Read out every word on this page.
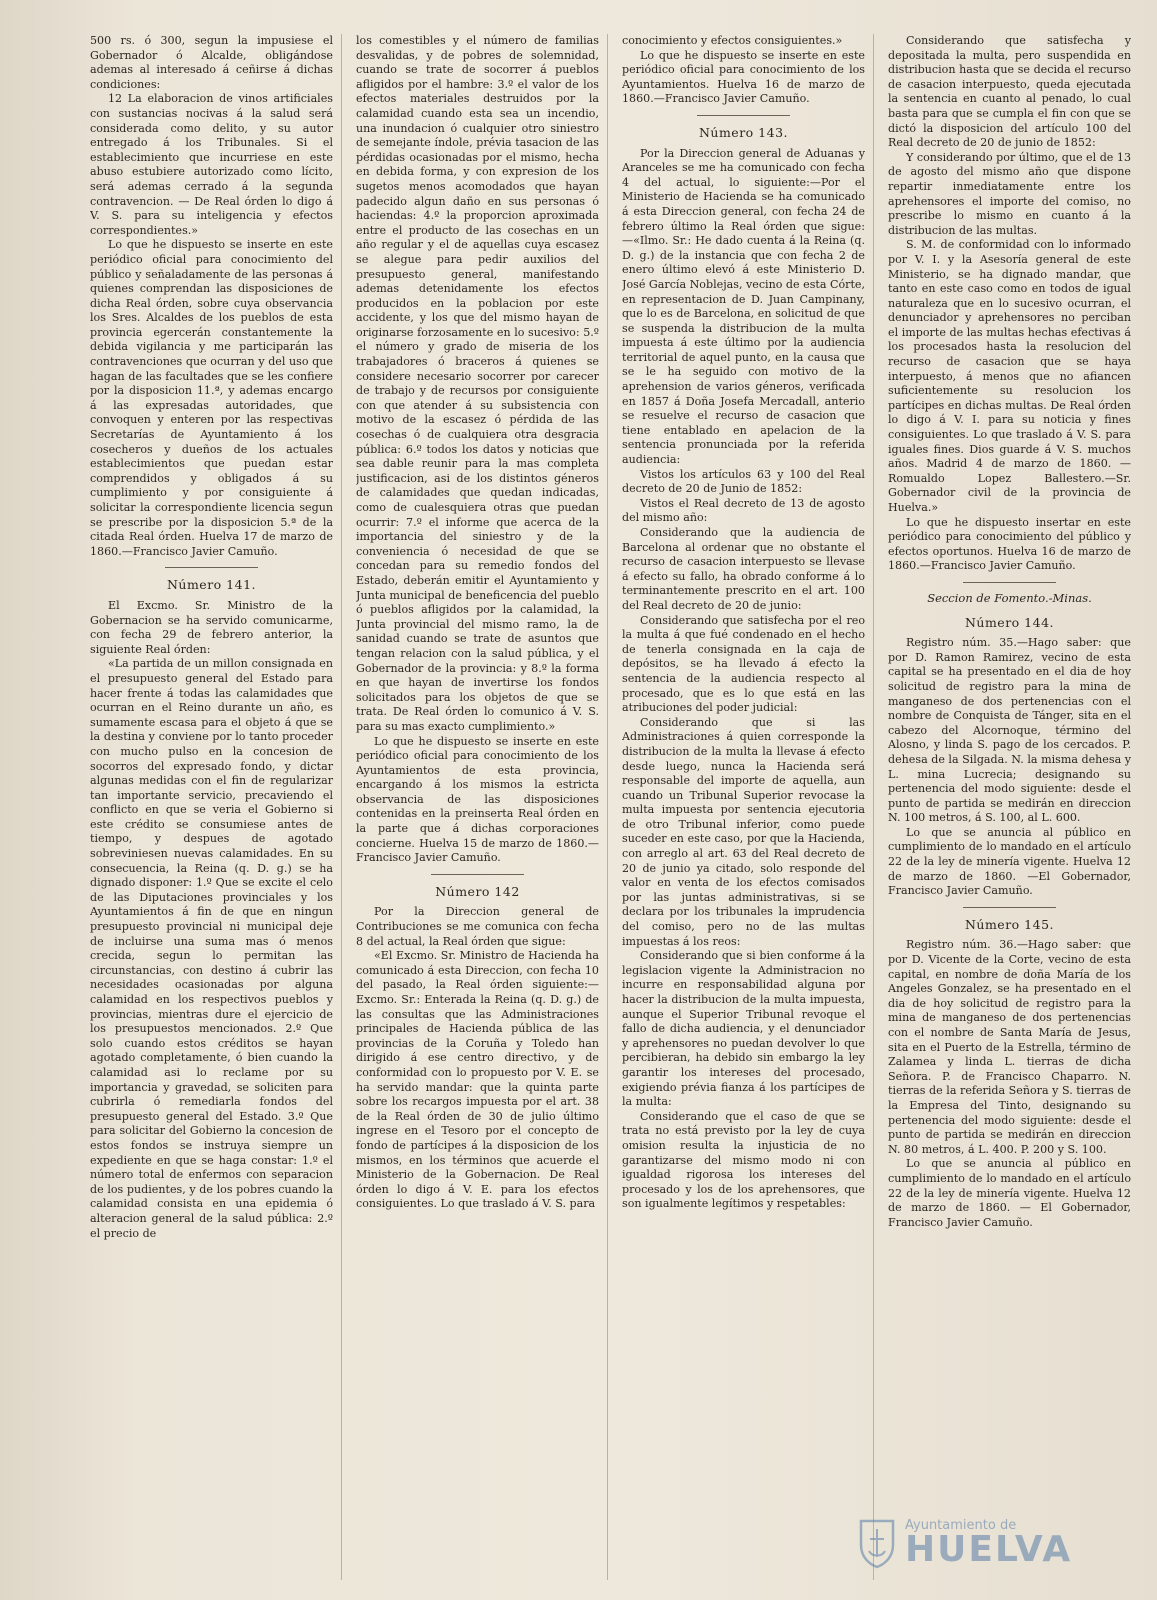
500 rs. ó 300, segun la impusiese el Gobernador ó Alcalde, obligándose ademas al interesado á ceñirse á dichas condiciones:

12 La elaboracion de vinos artificiales con sustancias nocivas á la salud será considerada como delito, y su autor entregado á los Tribunales. Si el establecimiento que incurriese en este abuso estubiere autorizado como lícito, será ademas cerrado á la segunda contravencion. — De Real órden lo digo á V. S. para su inteligencia y efectos correspondientes.»

Lo que he dispuesto se inserte en este periódico oficial para conocimiento del público y señaladamente de las personas á quienes comprendan las disposiciones de dicha Real órden, sobre cuya observancia los Sres. Alcaldes de los pueblos de esta provincia egercerán constantemente la debida vigilancia y me participarán las contravenciones que ocurran y del uso que hagan de las facultades que se les confiere por la disposicion 11.ª, y ademas encargo á las expresadas autoridades, que convoquen y enteren por las respectivas Secretarías de Ayuntamiento á los cosecheros y dueños de los actuales establecimientos que puedan estar comprendidos y obligados á su cumplimiento y por consiguiente á solicitar la correspondiente licencia segun se prescribe por la disposicion 5.ª de la citada Real órden. Huelva 17 de marzo de 1860.—Francisco Javier Camuño.

Número 141.

El Excmo. Sr. Ministro de la Gobernacion se ha servido comunicarme, con fecha 29 de febrero anterior, la siguiente Real órden:

«La partida de un millon consignada en el presupuesto general del Estado para hacer frente á todas las calamidades que ocurran en el Reino durante un año, es sumamente escasa para el objeto á que se la destina y conviene por lo tanto proceder con mucho pulso en la concesion de socorros del expresado fondo, y dictar algunas medidas con el fin de regularizar tan importante servicio, precaviendo el conflicto en que se veria el Gobierno si este crédito se consumiese antes de tiempo, y despues de agotado sobreviniesen nuevas calamidades. En su consecuencia, la Reina (q. D. g.) se ha dignado disponer: 1.º Que se excite el celo de las Diputaciones provinciales y los Ayuntamientos á fin de que en ningun presupuesto provincial ni municipal deje de incluirse una suma mas ó menos crecida, segun lo permitan las circunstancias, con destino á cubrir las necesidades ocasionadas por alguna calamidad en los respectivos pueblos y provincias, mientras dure el ejercicio de los presupuestos mencionados. 2.º Que solo cuando estos créditos se hayan agotado completamente, ó bien cuando la calamidad asi lo reclame por su importancia y gravedad, se soliciten para cubrirla ó remediarla fondos del presupuesto general del Estado. 3.º Que para solicitar del Gobierno la concesion de estos fondos se instruya siempre un expediente en que se haga constar: 1.º el número total de enfermos con separacion de los pudientes, y de los pobres cuando la calamidad consista en una epidemia ó alteracion general de la salud pública: 2.º el precio de

los comestibles y el número de familias desvalidas, y de pobres de solemnidad, cuando se trate de socorrer á pueblos afligidos por el hambre: 3.º el valor de los efectos materiales destruidos por la calamidad cuando esta sea un incendio, una inundacion ó cualquier otro siniestro de semejante índole, prévia tasacion de las pérdidas ocasionadas por el mismo, hecha en debida forma, y con expresion de los sugetos menos acomodados que hayan padecido algun daño en sus personas ó haciendas: 4.º la proporcion aproximada entre el producto de las cosechas en un año regular y el de aquellas cuya escasez se alegue para pedir auxilios del presupuesto general, manifestando ademas detenidamente los efectos producidos en la poblacion por este accidente, y los que del mismo hayan de originarse forzosamente en lo sucesivo: 5.º el número y grado de miseria de los trabajadores ó braceros á quienes se considere necesario socorrer por carecer de trabajo y de recursos por consiguiente con que atender á su subsistencia con motivo de la escasez ó pérdida de las cosechas ó de cualquiera otra desgracia pública: 6.º todos los datos y noticias que sea dable reunir para la mas completa justificacion, asi de los distintos géneros de calamidades que quedan indicadas, como de cualesquiera otras que puedan ocurrir: 7.º el informe que acerca de la importancia del siniestro y de la conveniencia ó necesidad de que se concedan para su remedio fondos del Estado, deberán emitir el Ayuntamiento y Junta municipal de beneficencia del pueblo ó pueblos afligidos por la calamidad, la Junta provincial del mismo ramo, la de sanidad cuando se trate de asuntos que tengan relacion con la salud pública, y el Gobernador de la provincia: y 8.º la forma en que hayan de invertirse los fondos solicitados para los objetos de que se trata. De Real órden lo comunico á V. S. para su mas exacto cumplimiento.»

Lo que he dispuesto se inserte en este periódico oficial para conocimiento de los Ayuntamientos de esta provincia, encargando á los mismos la estricta observancia de las disposiciones contenidas en la preinserta Real órden en la parte que á dichas corporaciones concierne. Huelva 15 de marzo de 1860.— Francisco Javier Camuño.

Número 142

Por la Direccion general de Contribuciones se me comunica con fecha 8 del actual, la Real órden que sigue:

«El Excmo. Sr. Ministro de Hacienda ha comunicado á esta Direccion, con fecha 10 del pasado, la Real órden siguiente:—Excmo. Sr.: Enterada la Reina (q. D. g.) de las consultas que las Administraciones principales de Hacienda pública de las provincias de la Coruña y Toledo han dirigido á ese centro directivo, y de conformidad con lo propuesto por V. E. se ha servido mandar: que la quinta parte sobre los recargos impuesta por el art. 38 de la Real órden de 30 de julio último ingrese en el Tesoro por el concepto de fondo de partícipes á la disposicion de los mismos, en los términos que acuerde el Ministerio de la Gobernacion. De Real órden lo digo á V. E. para los efectos consiguientes. Lo que traslado á V. S. para

conocimiento y efectos consiguientes.»

Lo que he dispuesto se inserte en este periódico oficial para conocimiento de los Ayuntamientos. Huelva 16 de marzo de 1860.—Francisco Javier Camuño.

Número 143.

Por la Direccion general de Aduanas y Aranceles se me ha comunicado con fecha 4 del actual, lo siguiente:—Por el Ministerio de Hacienda se ha comunicado á esta Direccion general, con fecha 24 de febrero último la Real órden que sigue:—«Ilmo. Sr.: He dado cuenta á la Reina (q. D. g.) de la instancia que con fecha 2 de enero último elevó á este Ministerio D. José García Noblejas, vecino de esta Córte, en representacion de D. Juan Campinany, que lo es de Barcelona, en solicitud de que se suspenda la distribucion de la multa impuesta á este último por la audiencia territorial de aquel punto, en la causa que se le ha seguido con motivo de la aprehension de varios géneros, verificada en 1857 á Doña Josefa Mercadall, anterio se resuelve el recurso de casacion que tiene entablado en apelacion de la sentencia pronunciada por la referida audiencia:

Vistos los artículos 63 y 100 del Real decreto de 20 de Junio de 1852:

Vistos el Real decreto de 13 de agosto del mismo año:

Considerando que la audiencia de Barcelona al ordenar que no obstante el recurso de casacion interpuesto se llevase á efecto su fallo, ha obrado conforme á lo terminantemente prescrito en el art. 100 del Real decreto de 20 de junio:

Considerando que satisfecha por el reo la multa á que fué condenado en el hecho de tenerla consignada en la caja de depósitos, se ha llevado á efecto la sentencia de la audiencia respecto al procesado, que es lo que está en las atribuciones del poder judicial:

Considerando que si las Administraciones á quien corresponde la distribucion de la multa la llevase á efecto desde luego, nunca la Hacienda será responsable del importe de aquella, aun cuando un Tribunal Superior revocase la multa impuesta por sentencia ejecutoria de otro Tribunal inferior, como puede suceder en este caso, por que la Hacienda, con arreglo al art. 63 del Real decreto de 20 de junio ya citado, solo responde del valor en venta de los efectos comisados por las juntas administrativas, si se declara por los tribunales la imprudencia del comiso, pero no de las multas impuestas á los reos:

Considerando que si bien conforme á la legislacion vigente la Administracion no incurre en responsabilidad alguna por hacer la distribucion de la multa impuesta, aunque el Superior Tribunal revoque el fallo de dicha audiencia, y el denunciador y aprehensores no puedan devolver lo que percibieran, ha debido sin embargo la ley garantir los intereses del procesado, exigiendo prévia fianza á los partícipes de la multa:

Considerando que el caso de que se trata no está previsto por la ley de cuya omision resulta la injusticia de no garantizarse del mismo modo ni con igualdad rigorosa los intereses del procesado y los de los aprehensores, que son igualmente legítimos y respetables:

Considerando que satisfecha y depositada la multa, pero suspendida en distribucion hasta que se decida el recurso de casacion interpuesto, queda ejecutada la sentencia en cuanto al penado, lo cual basta para que se cumpla el fin con que se dictó la disposicion del artículo 100 del Real decreto de 20 de junio de 1852:

Y considerando por último, que el de 13 de agosto del mismo año que dispone repartir inmediatamente entre los aprehensores el importe del comiso, no prescribe lo mismo en cuanto á la distribucion de las multas.

S. M. de conformidad con lo informado por V. I. y la Asesoría general de este Ministerio, se ha dignado mandar, que tanto en este caso como en todos de igual naturaleza que en lo sucesivo ocurran, el denunciador y aprehensores no perciban el importe de las multas hechas efectivas á los procesados hasta la resolucion del recurso de casacion que se haya interpuesto, á menos que no afiancen suficientemente su resolucion los partícipes en dichas multas. De Real órden lo digo á V. I. para su noticia y fines consiguientes. Lo que traslado á V. S. para iguales fines. Dios guarde á V. S. muchos años. Madrid 4 de marzo de 1860. — Romualdo Lopez Ballestero.—Sr. Gobernador civil de la provincia de Huelva.»

Lo que he dispuesto insertar en este periódico para conocimiento del público y efectos oportunos. Huelva 16 de marzo de 1860.—Francisco Javier Camuño.

Seccion de Fomento.-Minas.
Número 144.

Registro núm. 35.—Hago saber: que por D. Ramon Ramirez, vecino de esta capital se ha presentado en el dia de hoy solicitud de registro para la mina de manganeso de dos pertenencias con el nombre de Conquista de Tánger, sita en el cabezo del Alcornoque, término del Alosno, y linda S. pago de los cercados. P. dehesa de la Silgada. N. la misma dehesa y L. mina Lucrecia; designando su pertenencia del modo siguiente: desde el punto de partida se medirán en direccion N. 100 metros, á S. 100, al L. 600.

Lo que se anuncia al público en cumplimiento de lo mandado en el artículo 22 de la ley de minería vigente. Huelva 12 de marzo de 1860. —El Gobernador, Francisco Javier Camuño.

Número 145.

Registro núm. 36.—Hago saber: que por D. Vicente de la Corte, vecino de esta capital, en nombre de doña María de los Angeles Gonzalez, se ha presentado en el dia de hoy solicitud de registro para la mina de manganeso de dos pertenencias con el nombre de Santa María de Jesus, sita en el Puerto de la Estrella, término de Zalamea y linda L. tierras de dicha Señora. P. de Francisco Chaparro. N. tierras de la referida Señora y S. tierras de la Empresa del Tinto, designando su pertenencia del modo siguiente: desde el punto de partida se medirán en direccion N. 80 metros, á L. 400. P. 200 y S. 100.

Lo que se anuncia al público en cumplimiento de lo mandado en el artículo 22 de la ley de minería vigente. Huelva 12 de marzo de 1860. — El Gobernador, Francisco Javier Camuño.

Ayuntamiento de
HUELVA
